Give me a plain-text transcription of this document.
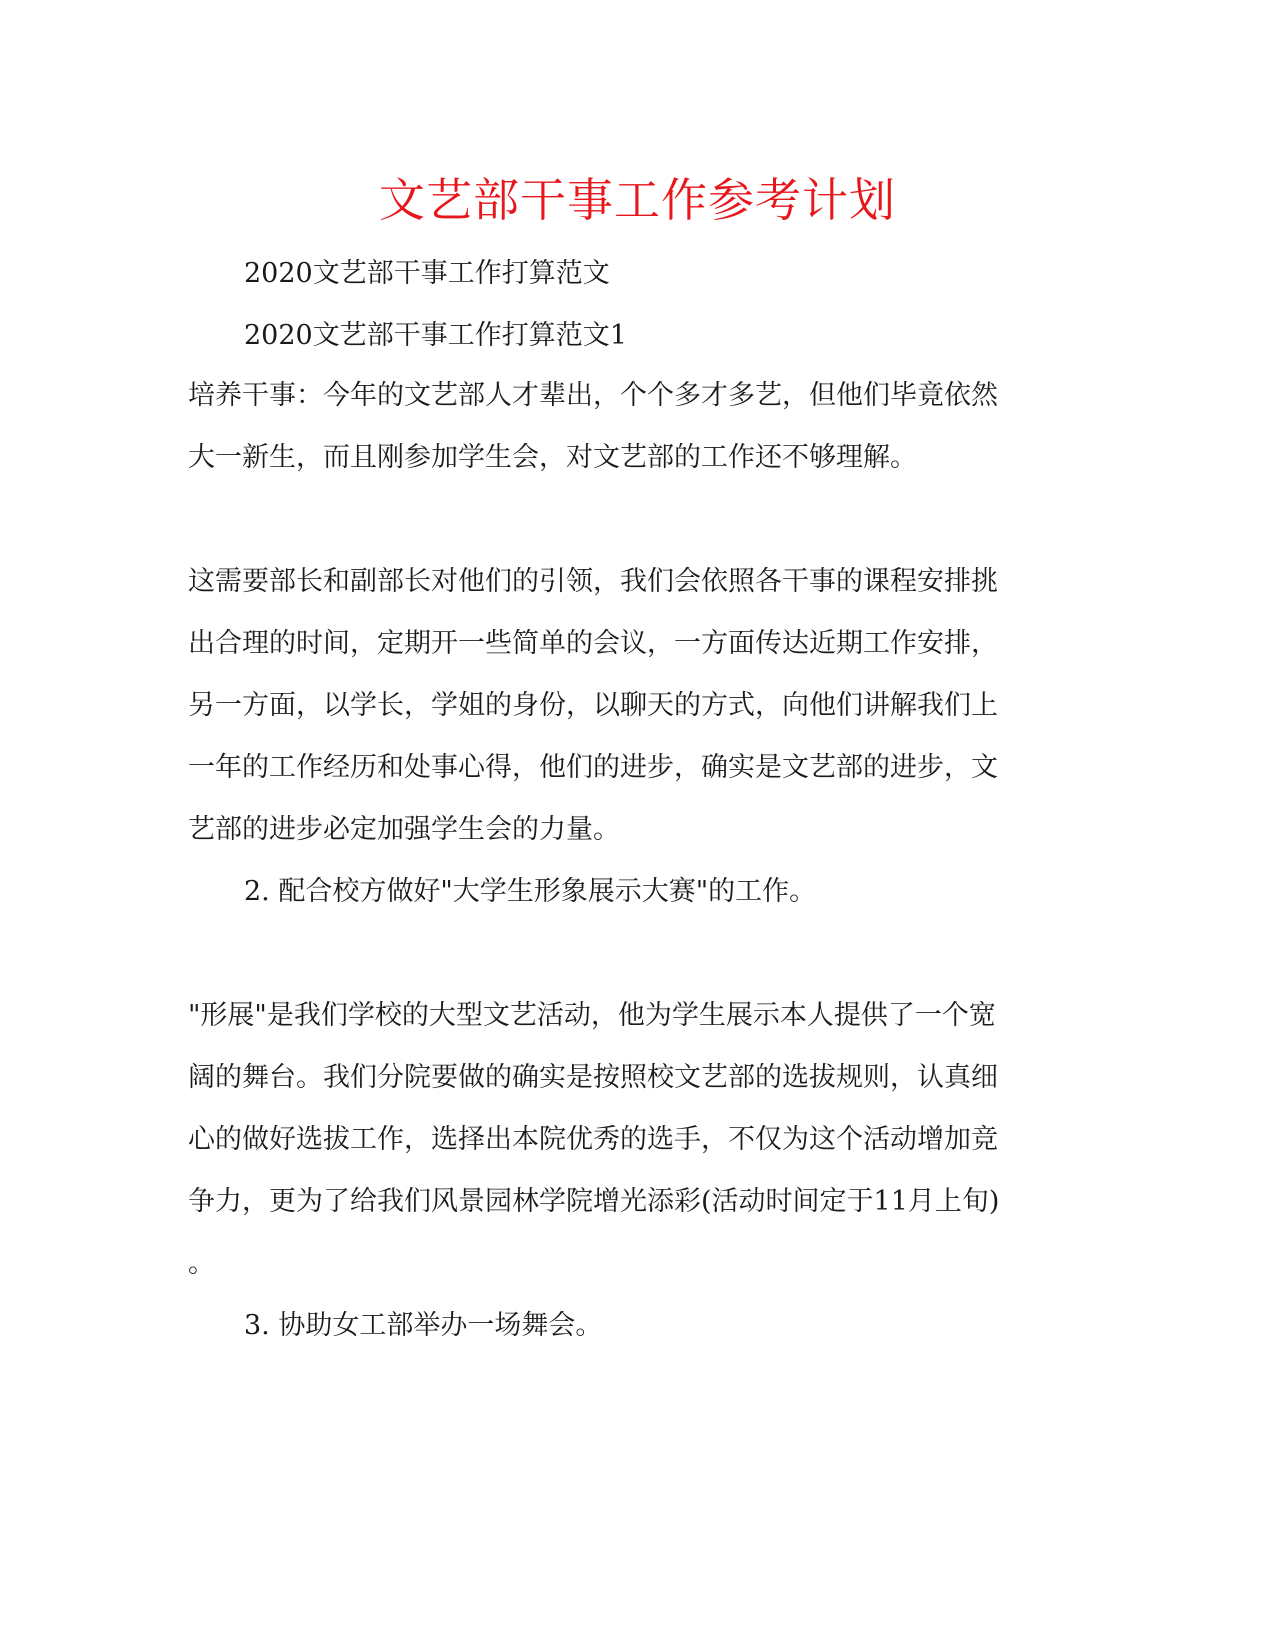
文艺部干事工作参考计划
2020文艺部干事工作打算范文
2020文艺部干事工作打算范文1
培养干事：今年的文艺部人才辈出，个个多才多艺，但他们毕竟依然
大一新生，而且刚参加学生会，对文艺部的工作还不够理解。
这需要部长和副部长对他们的引领，我们会依照各干事的课程安排挑
出合理的时间，定期开一些简单的会议，一方面传达近期工作安排，
另一方面，以学长，学姐的身份，以聊天的方式，向他们讲解我们上
一年的工作经历和处事心得，他们的进步，确实是文艺部的进步，文
艺部的进步必定加强学生会的力量。
2. 配合校方做好"大学生形象展示大赛"的工作。
"形展"是我们学校的大型文艺活动，他为学生展示本人提供了一个宽
阔的舞台。我们分院要做的确实是按照校文艺部的选拔规则，认真细
心的做好选拔工作，选择出本院优秀的选手，不仅为这个活动增加竞
争力，更为了给我们风景园林学院增光添彩(活动时间定于11月上旬)
。
3. 协助女工部举办一场舞会。
